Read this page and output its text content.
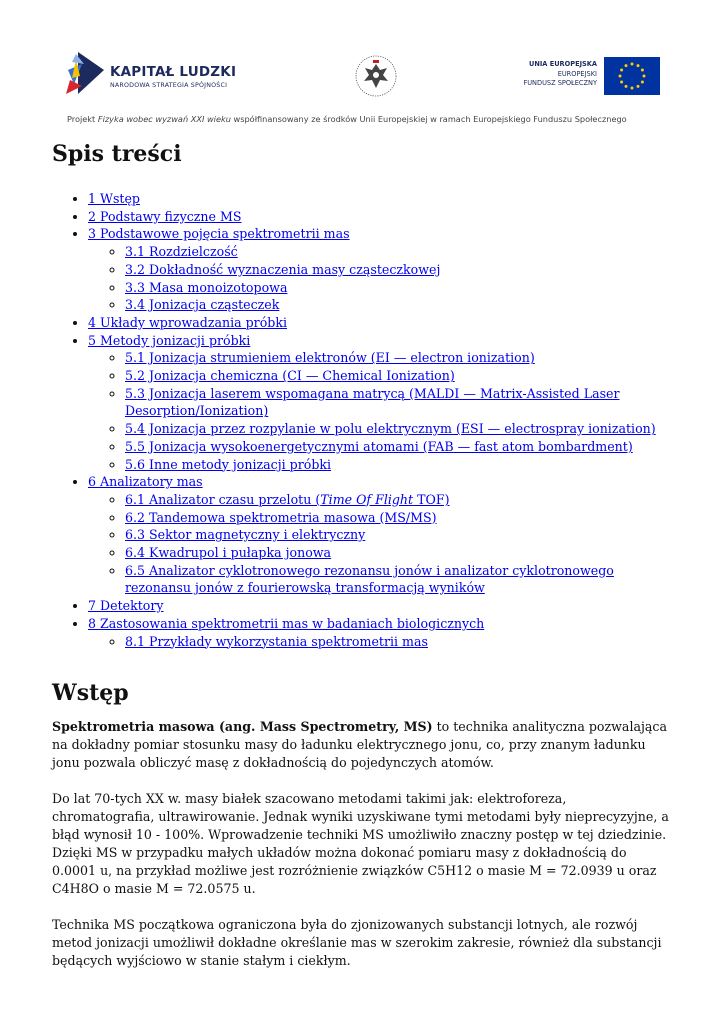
KAPITAŁ LUDZKI
NARODOWA STRATEGIA SPÓJNOŚCI
UNIA EUROPEJSKA
EUROPEJSKI
FUNDUSZ SPOŁECZNY
Projekt Fizyka wobec wyzwań XXI wieku współfinansowany ze środków Unii Europejskiej w ramach Europejskiego Funduszu Społecznego
Spis treści
• 1 Wstęp
• 2 Podstawy fizyczne MS
• 3 Podstawowe pojęcia spektrometrii mas
◦ 3.1 Rozdzielczość
◦ 3.2 Dokładność wyznaczenia masy cząsteczkowej
◦ 3.3 Masa monoizotopowa
◦ 3.4 Jonizacja cząsteczek
• 4 Układy wprowadzania próbki
• 5 Metody jonizacji próbki
◦ 5.1 Jonizacja strumieniem elektronów (EI — electron ionization)
◦ 5.2 Jonizacja chemiczna (CI — Chemical Ionization)
◦ 5.3 Jonizacja laserem wspomagana matrycą (MALDI — Matrix-Assisted Laser Desorption/Ionization)
◦ 5.4 Jonizacja przez rozpylanie w polu elektrycznym (ESI — electrospray ionization)
◦ 5.5 Jonizacja wysokoenergetycznymi atomami (FAB — fast atom bombardment)
◦ 5.6 Inne metody jonizacji próbki
• 6 Analizatory mas
◦ 6.1 Analizator czasu przelotu (Time Of Flight TOF)
◦ 6.2 Tandemowa spektrometria masowa (MS/MS)
◦ 6.3 Sektor magnetyczny i elektryczny
◦ 6.4 Kwadrupol i pułapka jonowa
◦ 6.5 Analizator cyklotronowego rezonansu jonów i analizator cyklotronowego rezonansu jonów z fourierowską transformacją wyników
• 7 Detektory
• 8 Zastosowania spektrometrii mas w badaniach biologicznych
◦ 8.1 Przykłady wykorzystania spektrometrii mas
Wstęp

Spektrometria masowa (ang. Mass Spectrometry, MS) to technika analityczna pozwalająca na dokładny pomiar stosunku masy do ładunku elektrycznego jonu, co, przy znanym ładunku jonu pozwala obliczyć masę z dokładnością do pojedynczych atomów.

Do lat 70-tych XX w. masy białek szacowano metodami takimi jak: elektroforeza, chromatografia, ultrawirowanie. Jednak wyniki uzyskiwane tymi metodami były nieprecyzyjne, a błąd wynosił 10 - 100%. Wprowadzenie techniki MS umożliwiło znaczny postęp w tej dziedzinie. Dzięki MS w przypadku małych układów można dokonać pomiaru masy z dokładnością do 0.0001 u, na przykład możliwe jest rozróżnienie związków C5H12 o masie M = 72.0939 u oraz C4H8O o masie M = 72.0575 u.

Technika MS początkowa ograniczona była do zjonizowanych substancji lotnych, ale rozwój metod jonizacji umożliwił dokładne określanie mas w szerokim zakresie, również dla substancji będących wyjściowo w stanie stałym i ciekłym.
